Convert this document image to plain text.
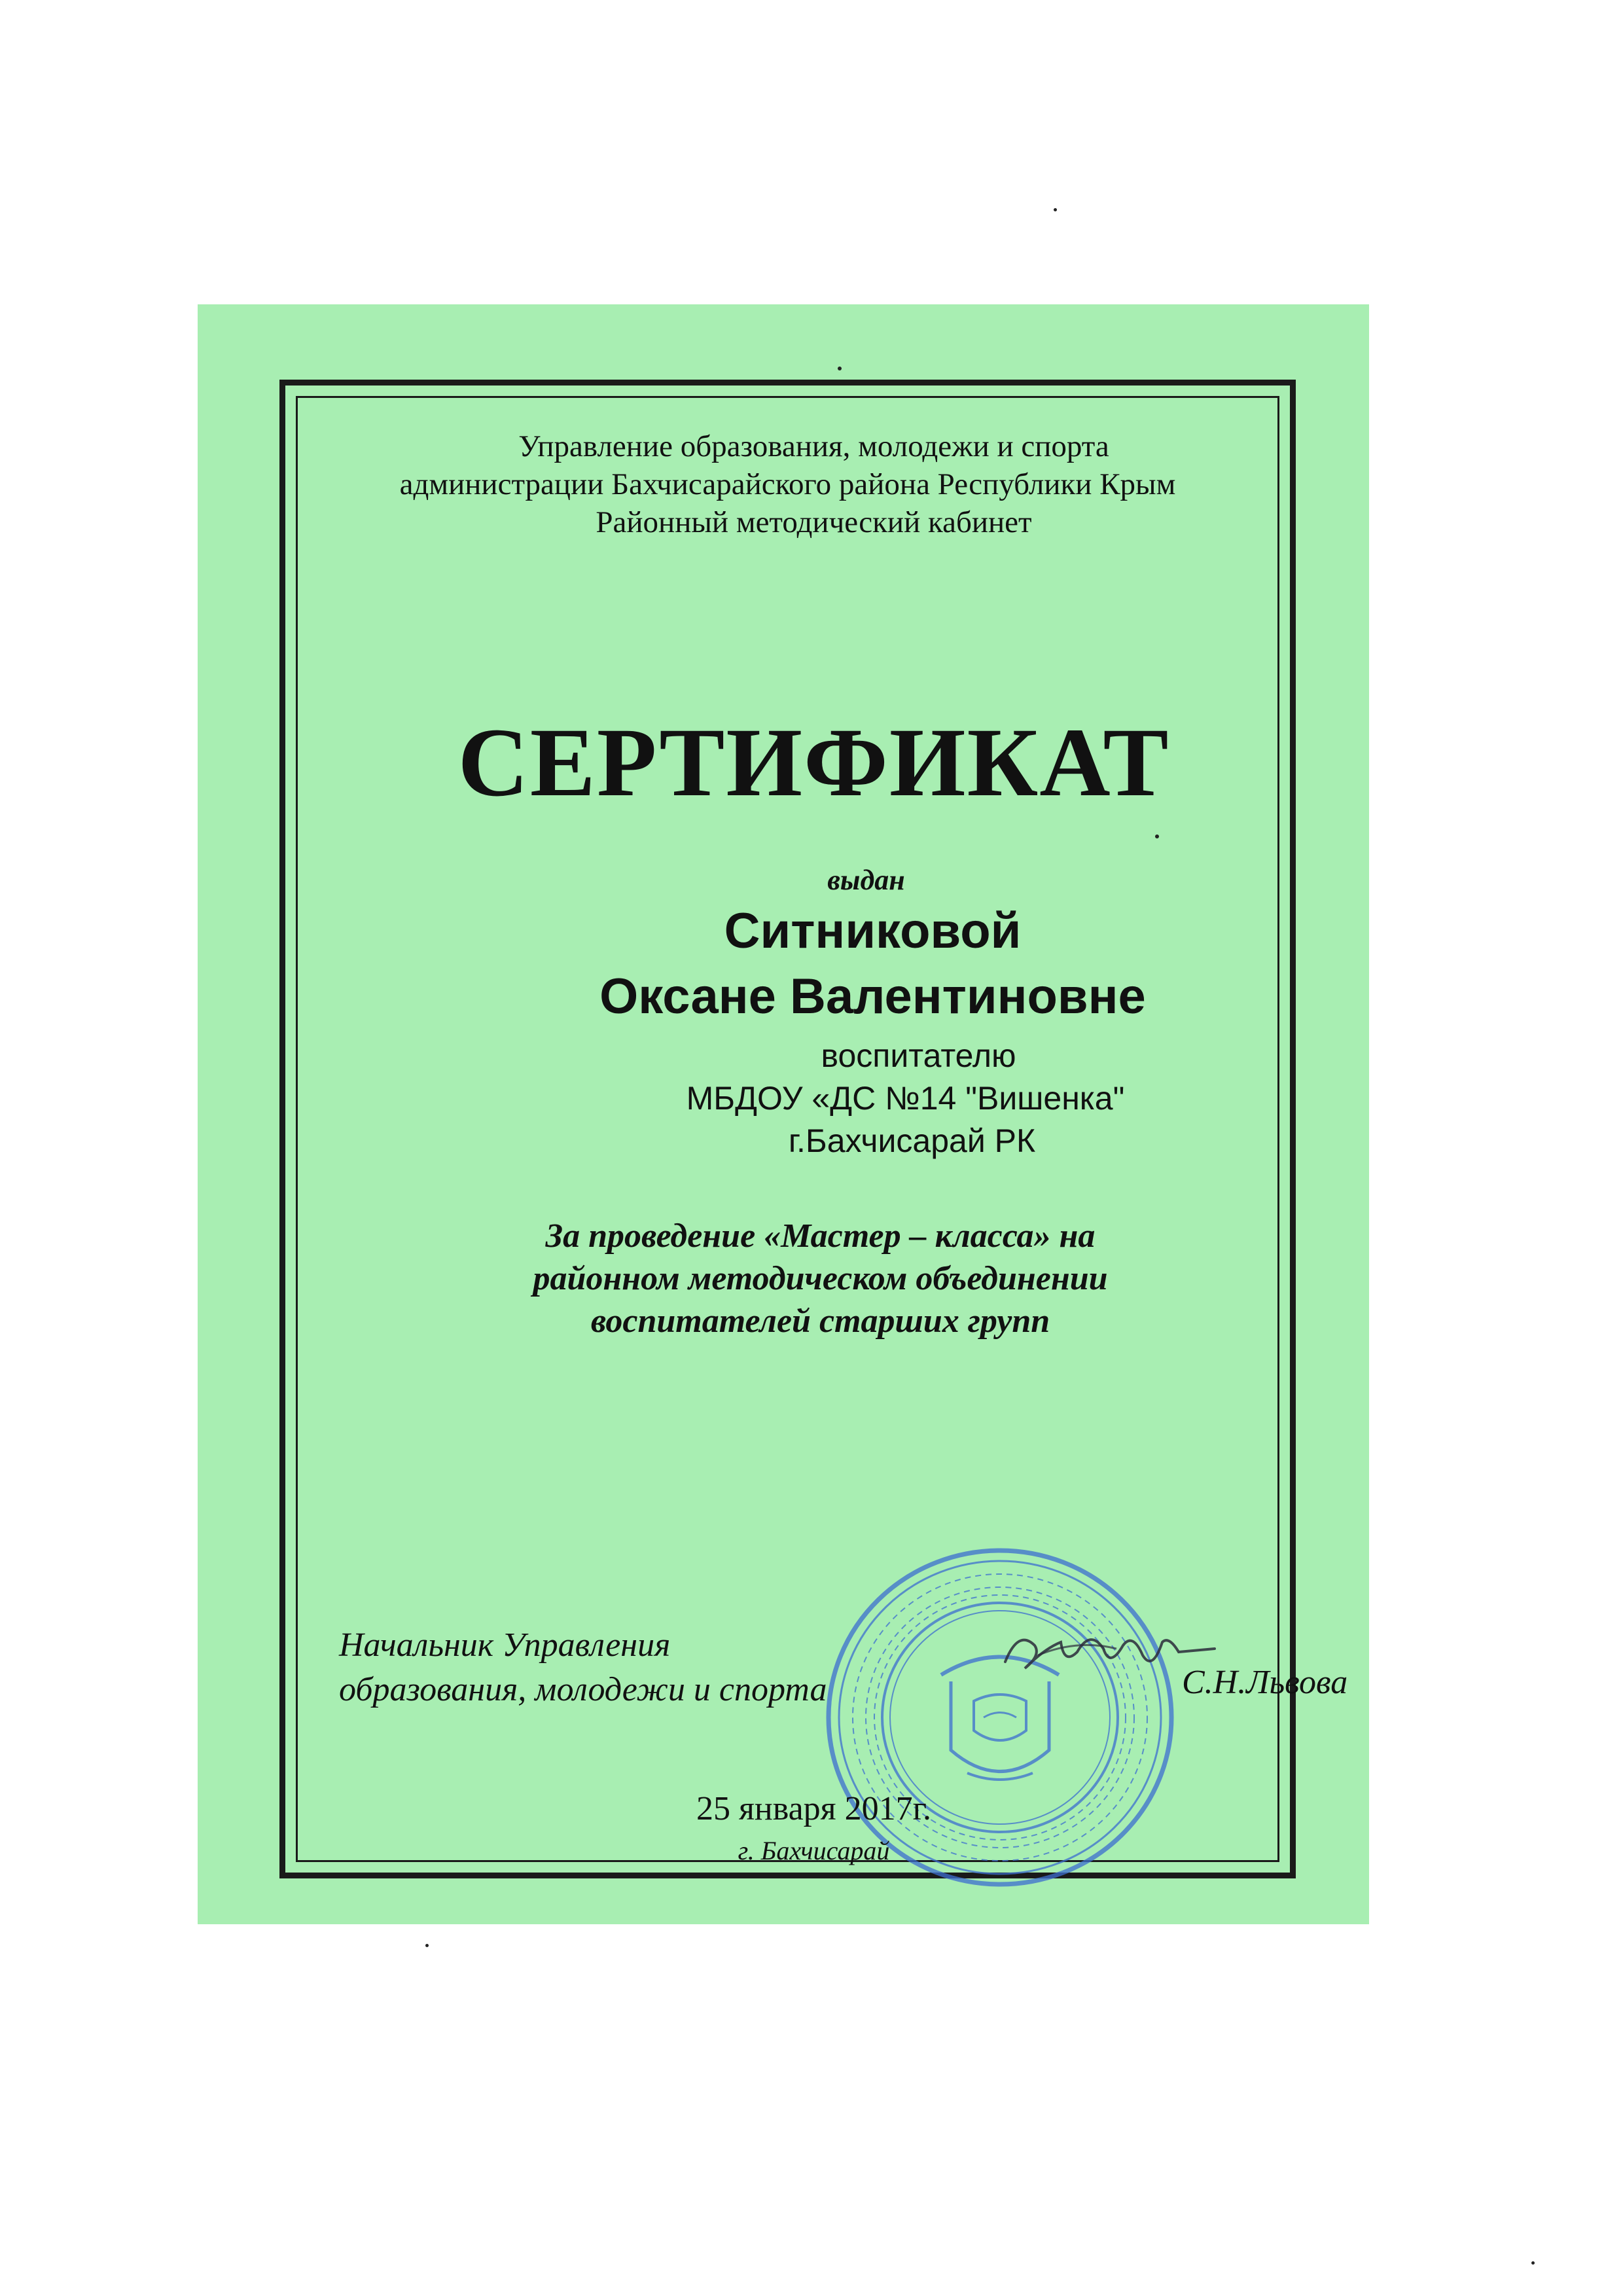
Управление образования, молодежи и спорта
администрации Бахчисарайского района Республики Крым
Районный методический кабинет
СЕРТИФИКАТ
выдан
Ситниковой
Оксане Валентиновне
воспитателю
МБДОУ «ДС №14 "Вишенка"
г.Бахчисарай РК
За проведение «Мастер – класса» на
районном методическом объединении
воспитателей старших групп
Начальник Управления
образования, молодежи и спорта	С.Н.Львова
25 января 2017г.
г. Бахчисарай
